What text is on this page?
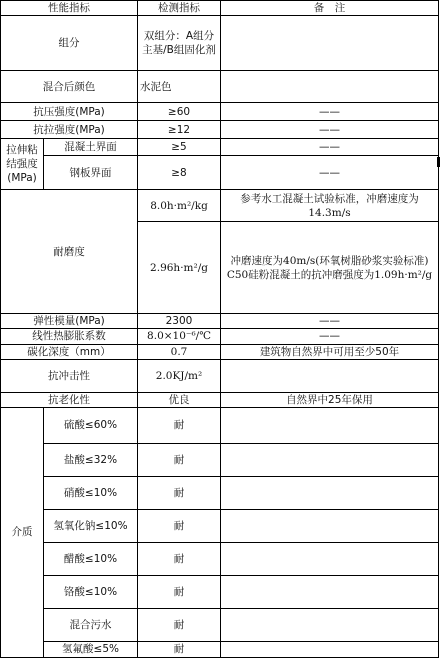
性能指标		检测指标	备　注
组分		双组分：A组分主基/B组固化剂	
混合后颜色		水泥色	
抗压强度(MPa)		≥60	——
抗拉强度(MPa)		≥12	——
拉伸粘结强度(MPa)	混凝土界面	≥5	——
	钢板界面	≥8	——
耐磨度		8.0h·m²/kg	参考水工混凝土试验标准，冲磨速度为14.3m/s
		2.96h·m²/g	冲磨速度为40m/s(环氧树脂砂浆实验标准)
C50硅粉混凝土的抗冲磨强度为1.09h·m²/g

弹性模量(MPa)		2300	——
线性热膨胀系数		8.0×10⁻⁶/℃	——
碳化深度（mm）		0.7	建筑物自然界中可用至少50年
抗冲击性		2.0KJ/m²	
抗老化性		优良	自然界中25年保用
介质	硫酸≤60%	耐	
	盐酸≤32%	耐	
	硝酸≤10%	耐	
	氢氧化钠≤10%	耐	
	醋酸≤10%	耐	
	铬酸≤10%	耐	
	混合污水	耐	
	氢氟酸≤5%	耐	
